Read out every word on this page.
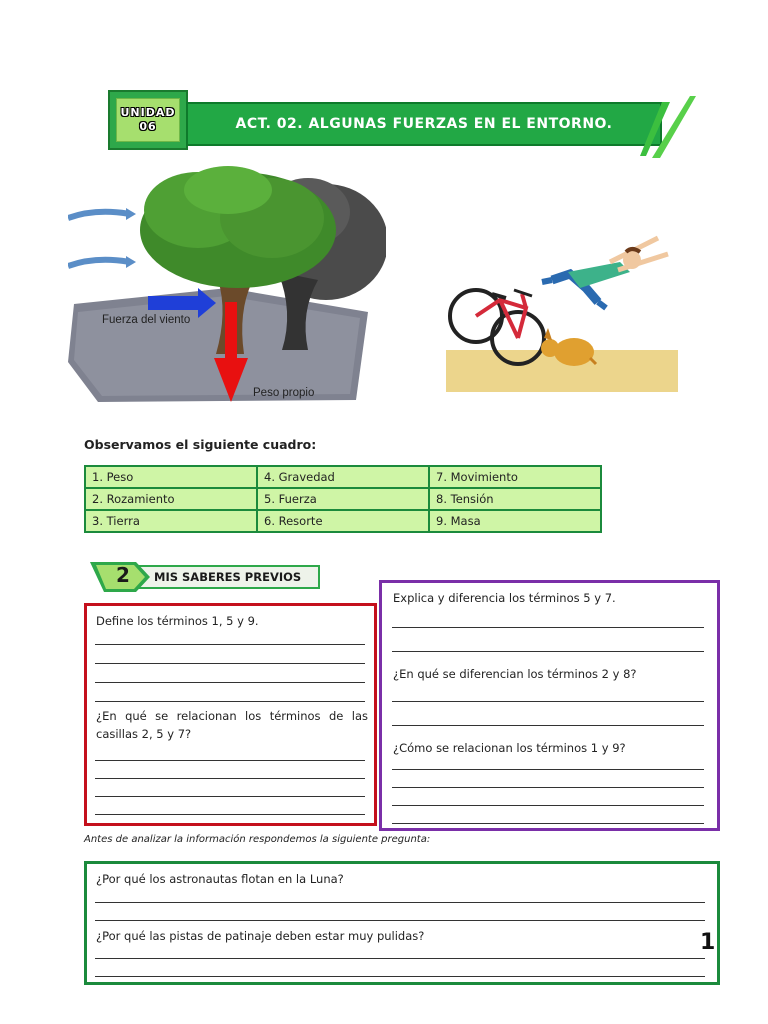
UNIDAD
06	ACT. 02. ALGUNAS FUERZAS EN EL ENTORNO.
Fuerza del viento
Peso propio
Observamos el siguiente cuadro:
1. Peso	4. Gravedad	7. Movimiento
2. Rozamiento	5. Fuerza	8. Tensión
3. Tierra	6. Resorte	9. Masa
MIS SABERES PREVIOS
2
Define los términos 1, 5 y 9.
¿En qué se relacionan los términos de las casillas 2, 5 y 7?
Explica y diferencia los términos 5 y 7.
¿En qué se diferencian los términos 2 y 8?
¿Cómo se relacionan los términos 1 y 9?
Antes de analizar la información respondemos la siguiente pregunta:
¿Por qué los astronautas flotan en la Luna?
¿Por qué las pistas de patinaje deben estar muy pulidas?	1
